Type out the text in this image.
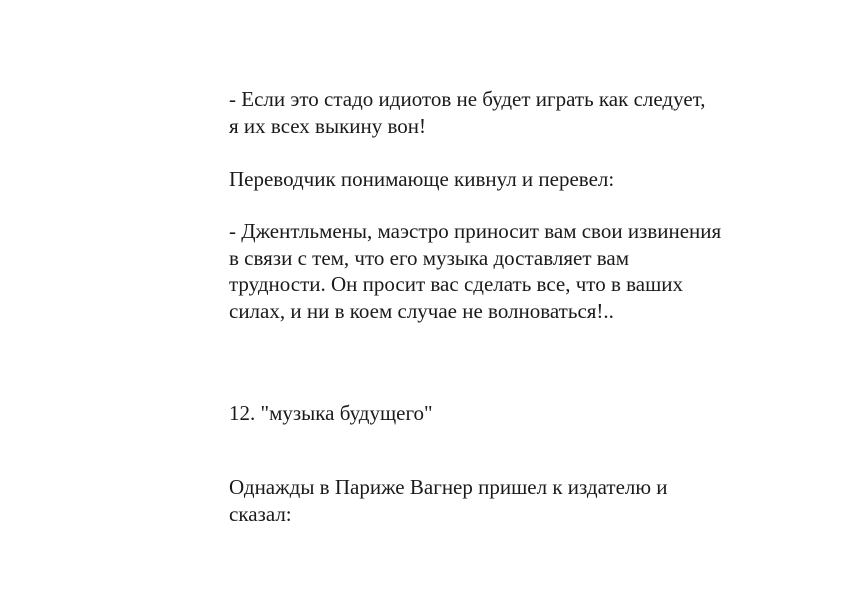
- Если это стадо идиотов не будет играть как следует,
я их всех выкину вон!

Переводчик понимающе кивнул и перевел:

- Джентльмены, маэстро приносит вам свои извинения
в связи с тем, что его музыка доставляет вам
трудности. Он просит вас сделать все, что в ваших
силах, и ни в коем случае не волноваться!..

12. "музыка будущего"

Однажды в Париже Вагнер пришел к издателю и
сказал:
